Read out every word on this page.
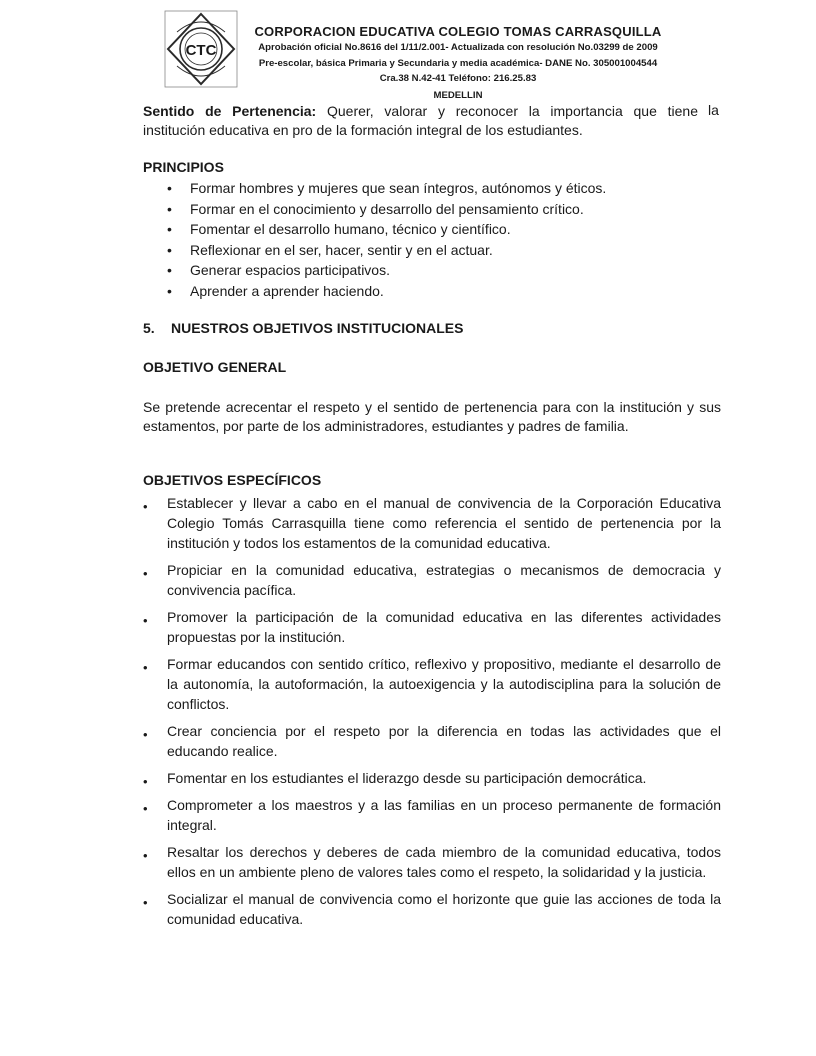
CTC
CORPORACION EDUCATIVA COLEGIO TOMAS CARRASQUILLA
Aprobación oficial No.8616 del 1/11/2.001- Actualizada con resolución No.03299 de 2009
Pre-escolar, básica Primaria y Secundaria y media académica- DANE No. 305001004544
Cra.38 N.42-41 Teléfono: 216.25.83
MEDELLIN

Sentido de Pertenencia: Querer, valorar y reconocer la importancia que tiene la

institución educativa en pro de la formación integral de los estudiantes.

PRINCIPIOS
• Formar hombres y mujeres que sean íntegros, autónomos y éticos.
• Formar en el conocimiento y desarrollo del pensamiento crítico.
• Fomentar el desarrollo humano, técnico y científico.
• Reflexionar en el ser, hacer, sentir y en el actuar.
• Generar espacios participativos.
• Aprender a aprender haciendo.
5. NUESTROS OBJETIVOS INSTITUCIONALES
OBJETIVO GENERAL

Se pretende acrecentar el respeto y el sentido de pertenencia para con la institución y sus estamentos, por parte de los administradores, estudiantes y padres de familia.

OBJETIVOS ESPECÍFICOS
• Establecer y llevar a cabo en el manual de convivencia de la Corporación Educativa Colegio Tomás Carrasquilla tiene como referencia el sentido de pertenencia por la institución y todos los estamentos de la comunidad educativa.
• Propiciar en la comunidad educativa, estrategias o mecanismos de democracia y convivencia pacífica.
• Promover la participación de la comunidad educativa en las diferentes actividades propuestas por la institución.
• Formar educandos con sentido crítico, reflexivo y propositivo, mediante el desarrollo de la autonomía, la autoformación, la autoexigencia y la autodisciplina para la solución de conflictos.
• Crear conciencia por el respeto por la diferencia en todas las actividades que el educando realice.
• Fomentar en los estudiantes el liderazgo desde su participación democrática.
• Comprometer a los maestros y a las familias en un proceso permanente de formación integral.
• Resaltar los derechos y deberes de cada miembro de la comunidad educativa, todos ellos en un ambiente pleno de valores tales como el respeto, la solidaridad y la justicia.
• Socializar el manual de convivencia como el horizonte que guie las acciones de toda la comunidad educativa.
